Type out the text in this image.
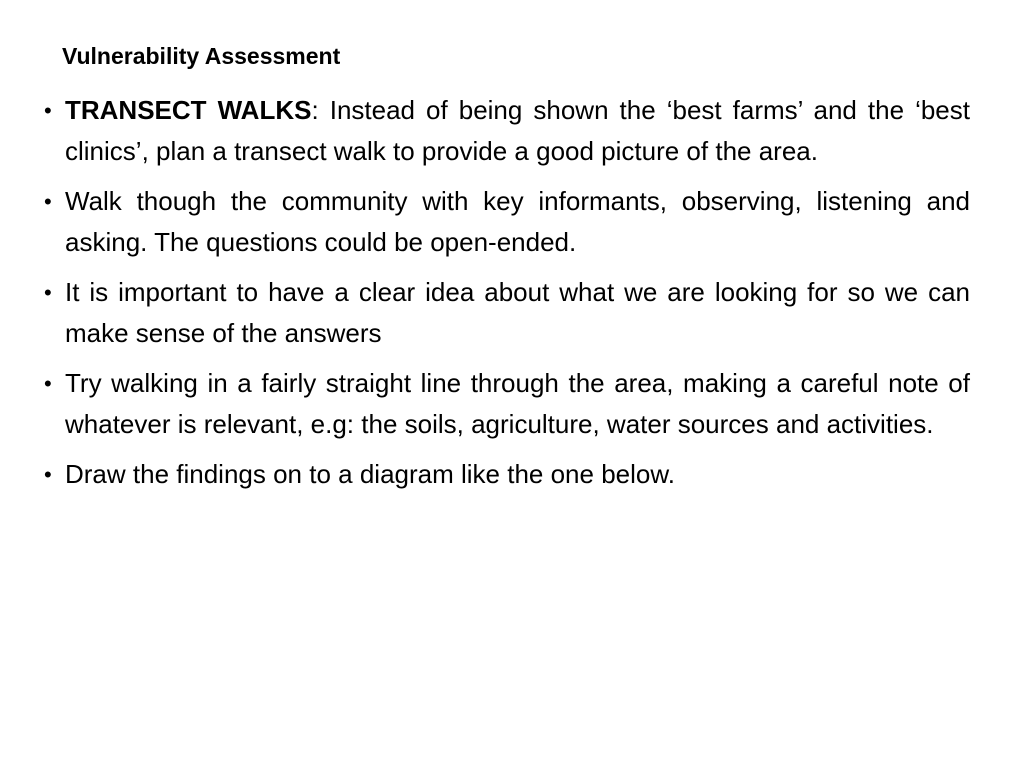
Vulnerability Assessment
• TRANSECT WALKS: Instead of being shown the ‘best farms’ and the ‘best clinics’, plan a transect walk to provide a good picture of the area.
• Walk though the community with key informants, observing, listening and asking. The questions could be open-ended.
• It is important to have a clear idea about what we are looking for so we can make sense of the answers
• Try walking in a fairly straight line through the area, making a careful note of whatever is relevant, e.g: the soils, agriculture, water sources and activities.
• Draw the findings on to a diagram like the one below.
